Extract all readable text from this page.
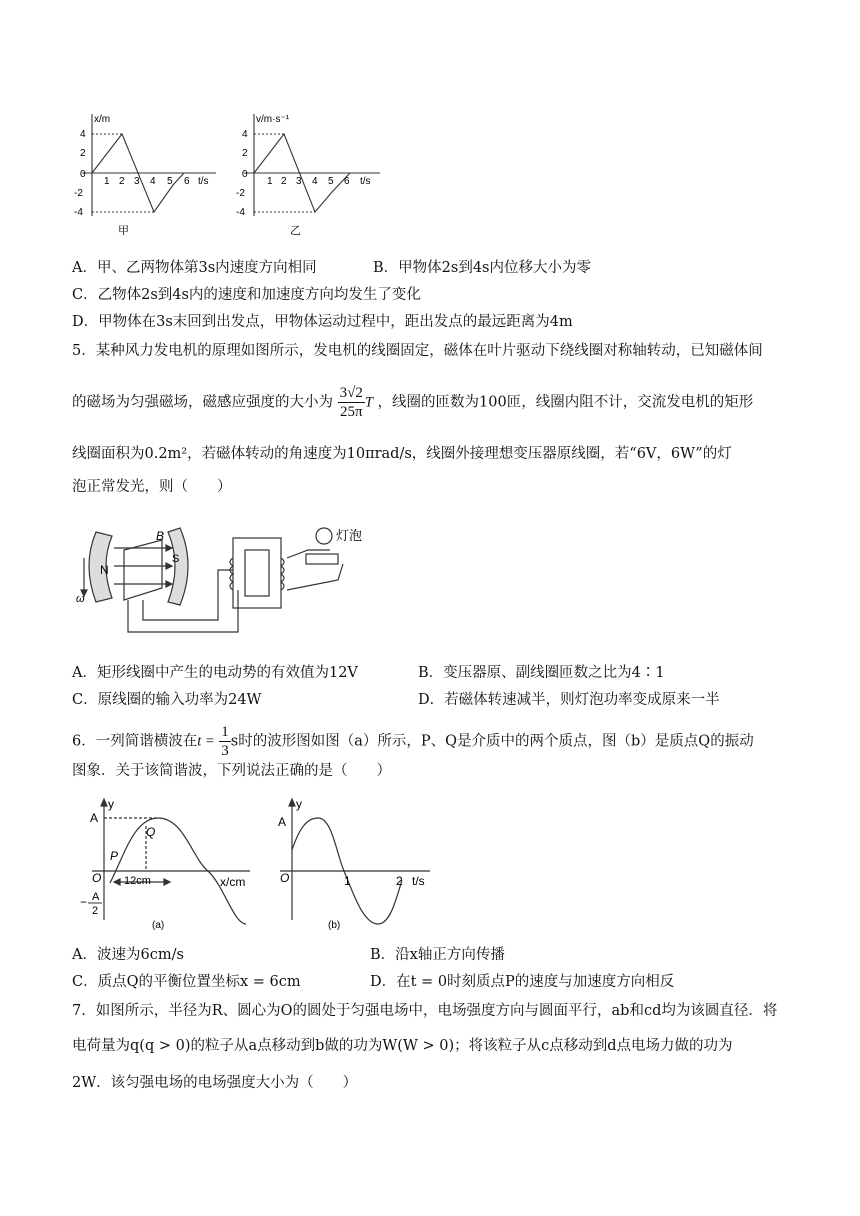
x/m
4
2
0
-2
-4
1 2 3 4 5 6 t/s
甲
v/m·s⁻¹
4
2
0
-2
-4
1 2 3 4 5 6 t/s
乙
A．甲、乙两物体第3s内速度方向相同	B．甲物体2s到4s内位移大小为零
C．乙物体2s到4s内的速度和加速度方向均发生了变化
D．甲物体在3s末回到出发点，甲物体运动过程中，距出发点的最远距离为4m
5．某种风力发电机的原理如图所示，发电机的线圈固定，磁体在叶片驱动下绕线圈对称轴转动，已知磁体间
的磁场为匀强磁场，磁感应强度的大小为 $\frac{3√2}{25\pi}$ T ，线圈的匝数为100匝，线圈内阻不计，交流发电机的矩形
线圈面积为0.2m²，若磁体转动的角速度为10πrad/s，线圈外接理想变压器原线圈，若“6V，6W”的灯
泡正常发光，则（　　）
N
S
B
ω
灯泡
A．矩形线圈中产生的电动势的有效值为12V	B．变压器原、副线圈匝数之比为4∶1
C．原线圈的输入功率为24W	D．若磁体转速减半，则灯泡功率变成原来一半
6．一列简谐横波在$t = \frac{1}{3}$ s时的波形图如图（a）所示，P、Q是介质中的两个质点，图（b）是质点Q的振动
图象．关于该简谐波，下列说法正确的是（　　）
y
A
Q
P
O 12cm	x/cm
A
−
2
(a)
y
A
O	1	2 t/s
(b)
A．波速为6cm/s	B．沿x轴正方向传播
C．质点Q的平衡位置坐标x = 6cm	D．在t = 0时刻质点P的速度与加速度方向相反
7．如图所示，半径为R、圆心为O的圆处于匀强电场中，电场强度方向与圆面平行，ab和cd均为该圆直径．将
电荷量为q(q > 0)的粒子从a点移动到b做的功为W(W > 0)；将该粒子从c点移动到d点电场力做的功为
2W．该匀强电场的电场强度大小为（　　）
